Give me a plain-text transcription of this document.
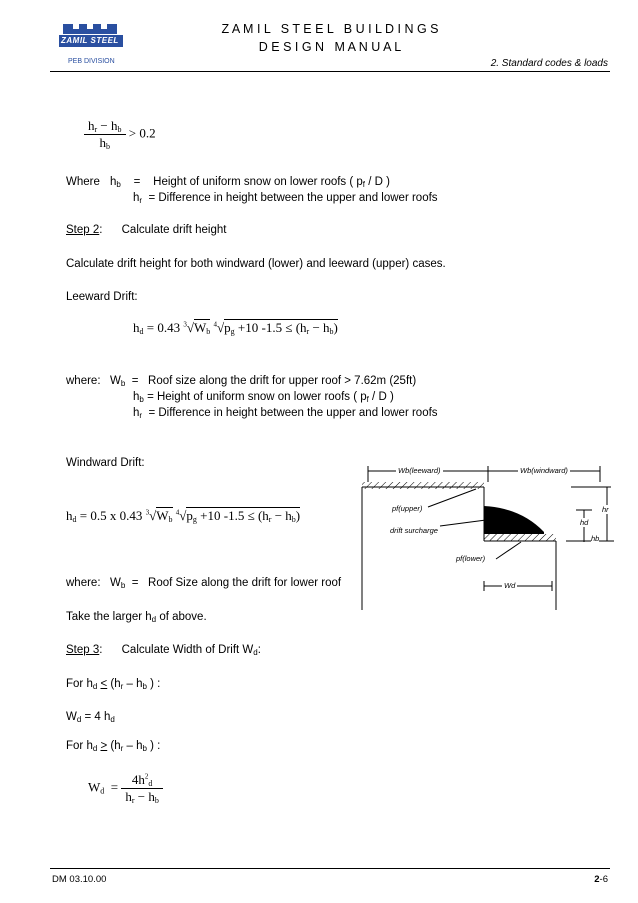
ZAMIL STEEL
PEB DIVISION
Z A M I L   S T E E L   B U I L D I N G S
D E S I G N   M A N U A L
2. Standard codes & loads
$\frac{h_r - h_b}{h_b} > 0.2$
Where $h_b$    =    Height of uniform snow on lower roofs ( $p_f$ / D )
$h_r$ = Difference in height between the upper and lower roofs
Step 2:      Calculate drift height
Calculate drift height for both windward (lower) and leeward (upper) cases.
Leeward Drift:
$h_d = 0.43$ $^3√W_b$ $^4√p_g +10$ $-1.5 \le (h_r - h_b)$
where: $W_b$  =   Roof size along the drift for upper roof > 7.62m (25ft)
$h_b$ = Height of uniform snow on lower roofs ( $p_f$ / D )
$h_r$ = Difference in height between the upper and lower roofs
Windward Drift:
$h_d = 0.5$ x 0.43 $^3√W_b$ $^4√p_g +10$ $-1.5 \le (h_r - h_b)$
Wb(leeward)	Wb(windward)
pf(upper)
drift surcharge
pf(lower)
hr
hd
hb
Wd
where: $W_b$  =   Roof Size along the drift for lower roof
Take the larger $h_d$ of above.
Step 3:      Calculate Width of Drift $W_d$:
For $h_d < (h_r - h_b$ ) :
$W_d = 4$ $h_d$
For $h_d > (h_r - h_b$ ) :
$W_d = \frac{4h^2_d}{h_r - h_b}$
DM 03.10.00	2-6
